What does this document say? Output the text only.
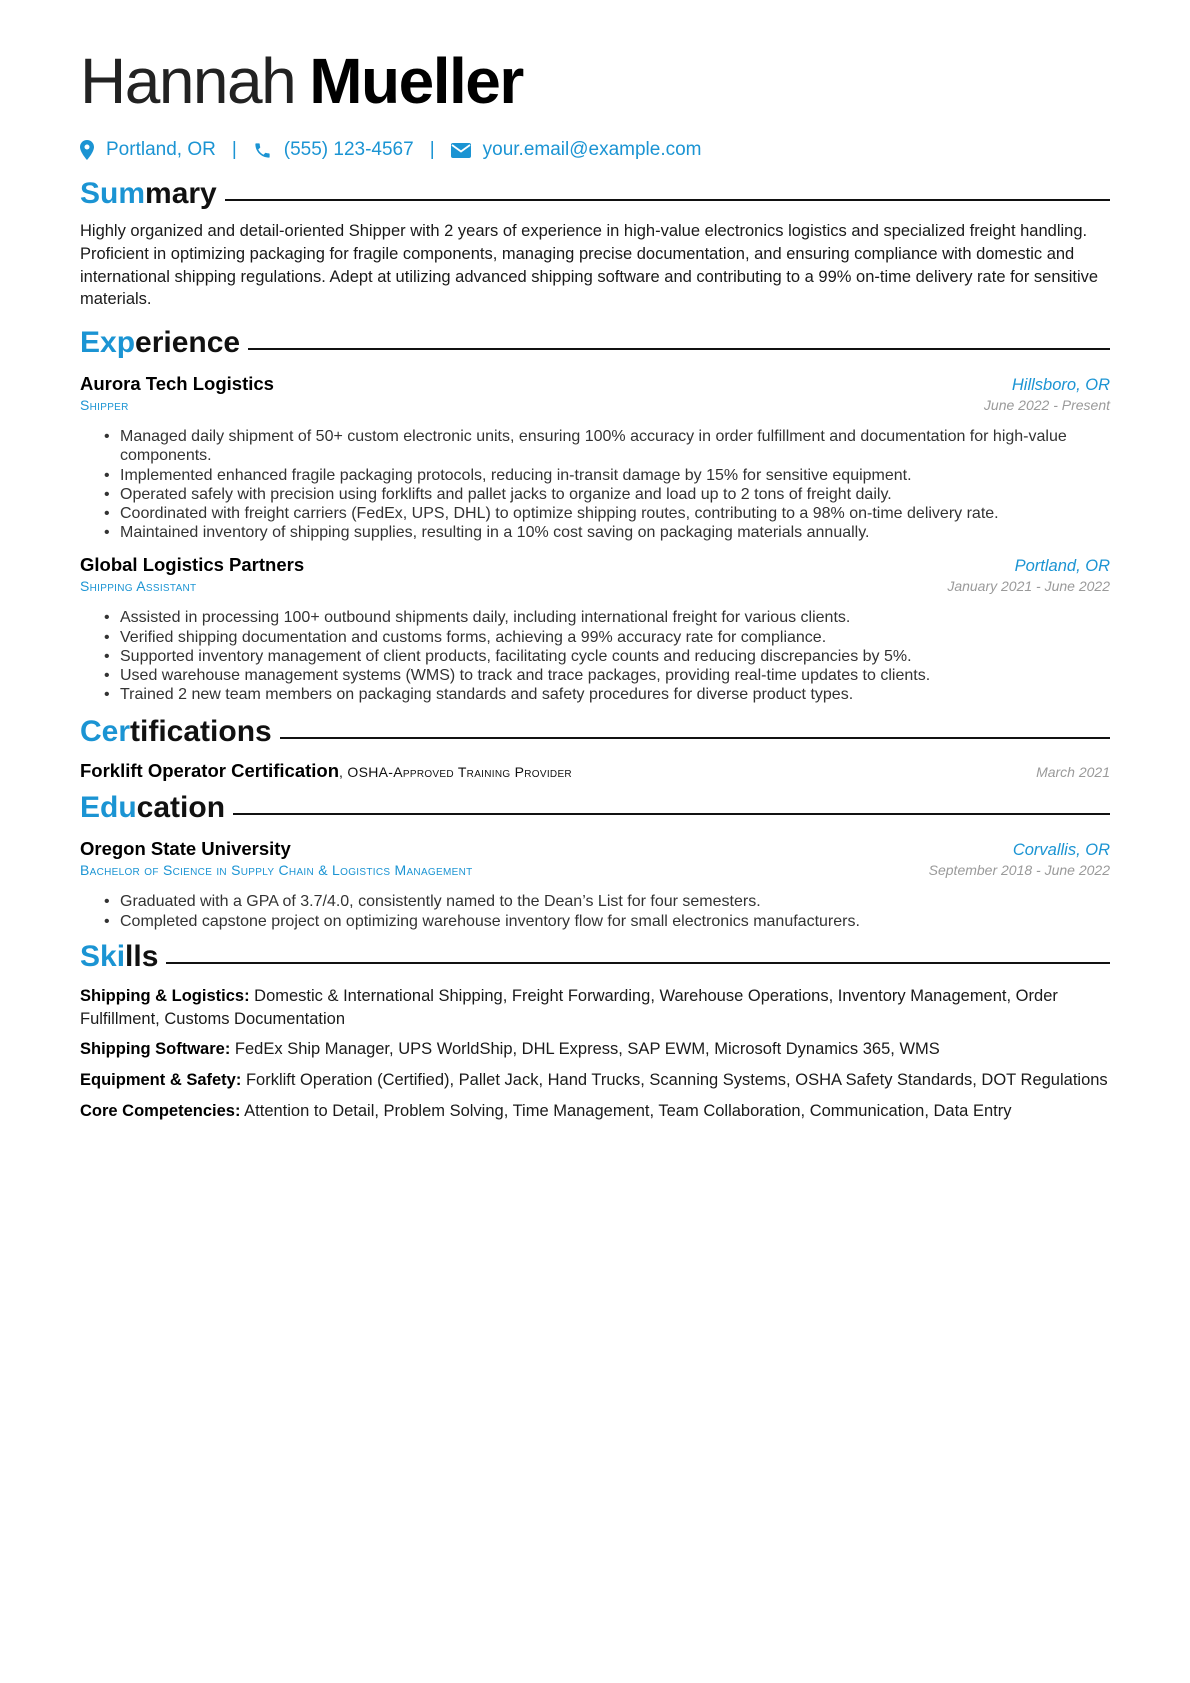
Hannah Mueller
Portland, OR | (555) 123-4567 |	your.email@example.com
Summary
Highly organized and detail-oriented Shipper with 2 years of experience in high-value electronics logistics and specialized freight handling. Proficient in optimizing packaging for fragile components, managing precise documentation, and ensuring compliance with domestic and international shipping regulations. Adept at utilizing advanced shipping software and contributing to a 99% on-time delivery rate for sensitive materials.
Experience
Aurora Tech Logistics	Hillsboro, OR
Shipper	June 2022 - Present
• Managed daily shipment of 50+ custom electronic units, ensuring 100% accuracy in order fulfillment and documentation for high-value components.
• Implemented enhanced fragile packaging protocols, reducing in-transit damage by 15% for sensitive equipment.
• Operated safely with precision using forklifts and pallet jacks to organize and load up to 2 tons of freight daily.
• Coordinated with freight carriers (FedEx, UPS, DHL) to optimize shipping routes, contributing to a 98% on-time delivery rate.
• Maintained inventory of shipping supplies, resulting in a 10% cost saving on packaging materials annually.
Global Logistics Partners	Portland, OR
Shipping Assistant	January 2021 - June 2022
• Assisted in processing 100+ outbound shipments daily, including international freight for various clients.
• Verified shipping documentation and customs forms, achieving a 99% accuracy rate for compliance.
• Supported inventory management of client products, facilitating cycle counts and reducing discrepancies by 5%.
• Used warehouse management systems (WMS) to track and trace packages, providing real-time updates to clients.
• Trained 2 new team members on packaging standards and safety procedures for diverse product types.
Certifications
Forklift Operator Certification, OSHA-Approved Training Provider	March 2021
Education
Oregon State University	Corvallis, OR
Bachelor of Science in Supply Chain & Logistics Management	September 2018 - June 2022
• Graduated with a GPA of 3.7/4.0, consistently named to the Dean’s List for four semesters.
• Completed capstone project on optimizing warehouse inventory flow for small electronics manufacturers.
Skills
Shipping & Logistics: Domestic & International Shipping, Freight Forwarding, Warehouse Operations, Inventory Management, Order Fulfillment, Customs Documentation
Shipping Software: FedEx Ship Manager, UPS WorldShip, DHL Express, SAP EWM, Microsoft Dynamics 365, WMS
Equipment & Safety: Forklift Operation (Certified), Pallet Jack, Hand Trucks, Scanning Systems, OSHA Safety Standards, DOT Regulations
Core Competencies: Attention to Detail, Problem Solving, Time Management, Team Collaboration, Communication, Data Entry
